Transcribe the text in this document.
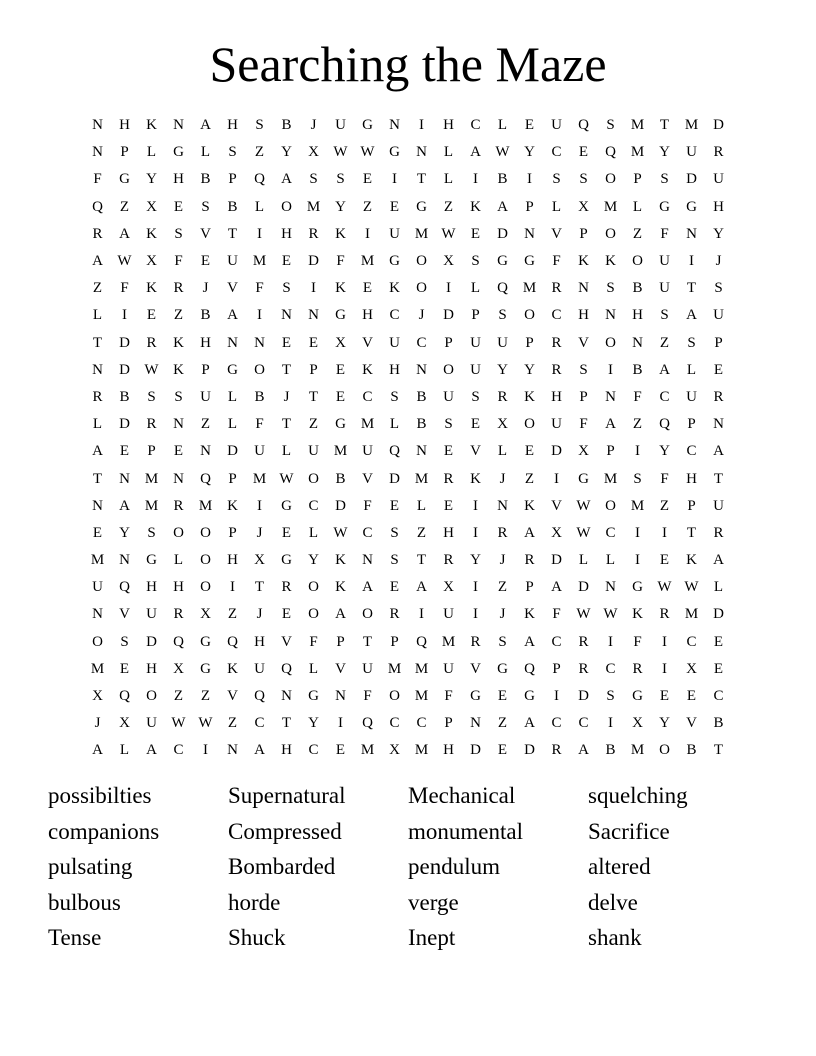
Searching the Maze
N	H	K	N	A	H	S	B	J	U	G	N	I	H	C	L	E	U	Q	S	M	T	M	D
N	P	L	G	L	S	Z	Y	X	W	W	G	N	L	A	W	Y	C	E	Q	M	Y	U	R
F	G	Y	H	B	P	Q	A	S	S	E	I	T	L	I	B	I	S	S	O	P	S	D	U
Q	Z	X	E	S	B	L	O	M	Y	Z	E	G	Z	K	A	P	L	X	M	L	G	G	H
R	A	K	S	V	T	I	H	R	K	I	U	M	W	E	D	N	V	P	O	Z	F	N	Y
A	W	X	F	E	U	M	E	D	F	M	G	O	X	S	G	G	F	K	K	O	U	I	J
Z	F	K	R	J	V	F	S	I	K	E	K	O	I	L	Q	M	R	N	S	B	U	T	S
L	I	E	Z	B	A	I	N	N	G	H	C	J	D	P	S	O	C	H	N	H	S	A	U
T	D	R	K	H	N	N	E	E	X	V	U	C	P	U	U	P	R	V	O	N	Z	S	P
N	D	W	K	P	G	O	T	P	E	K	H	N	O	U	Y	Y	R	S	I	B	A	L	E
R	B	S	S	U	L	B	J	T	E	C	S	B	U	S	R	K	H	P	N	F	C	U	R
L	D	R	N	Z	L	F	T	Z	G	M	L	B	S	E	X	O	U	F	A	Z	Q	P	N
A	E	P	E	N	D	U	L	U	M	U	Q	N	E	V	L	E	D	X	P	I	Y	C	A
T	N	M	N	Q	P	M	W	O	B	V	D	M	R	K	J	Z	I	G	M	S	F	H	T
N	A	M	R	M	K	I	G	C	D	F	E	L	E	I	N	K	V	W	O	M	Z	P	U
E	Y	S	O	O	P	J	E	L	W	C	S	Z	H	I	R	A	X	W	C	I	I	T	R
M	N	G	L	O	H	X	G	Y	K	N	S	T	R	Y	J	R	D	L	L	I	E	K	A
U	Q	H	H	O	I	T	R	O	K	A	E	A	X	I	Z	P	A	D	N	G	W	W	L
N	V	U	R	X	Z	J	E	O	A	O	R	I	U	I	J	K	F	W	W	K	R	M	D
O	S	D	Q	G	Q	H	V	F	P	T	P	Q	M	R	S	A	C	R	I	F	I	C	E
M	E	H	X	G	K	U	Q	L	V	U	M	M	U	V	G	Q	P	R	C	R	I	X	E
X	Q	O	Z	Z	V	Q	N	G	N	F	O	M	F	G	E	G	I	D	S	G	E	E	C
J	X	U	W	W	Z	C	T	Y	I	Q	C	C	P	N	Z	A	C	C	I	X	Y	V	B
A	L	A	C	I	N	A	H	C	E	M	X	M	H	D	E	D	R	A	B	M	O	B	T
possibilties	Supernatural	Mechanical	squelching
companions	Compressed	monumental	Sacrifice
pulsating	Bombarded	pendulum	altered
bulbous	horde	verge	delve
Tense	Shuck	Inept	shank
